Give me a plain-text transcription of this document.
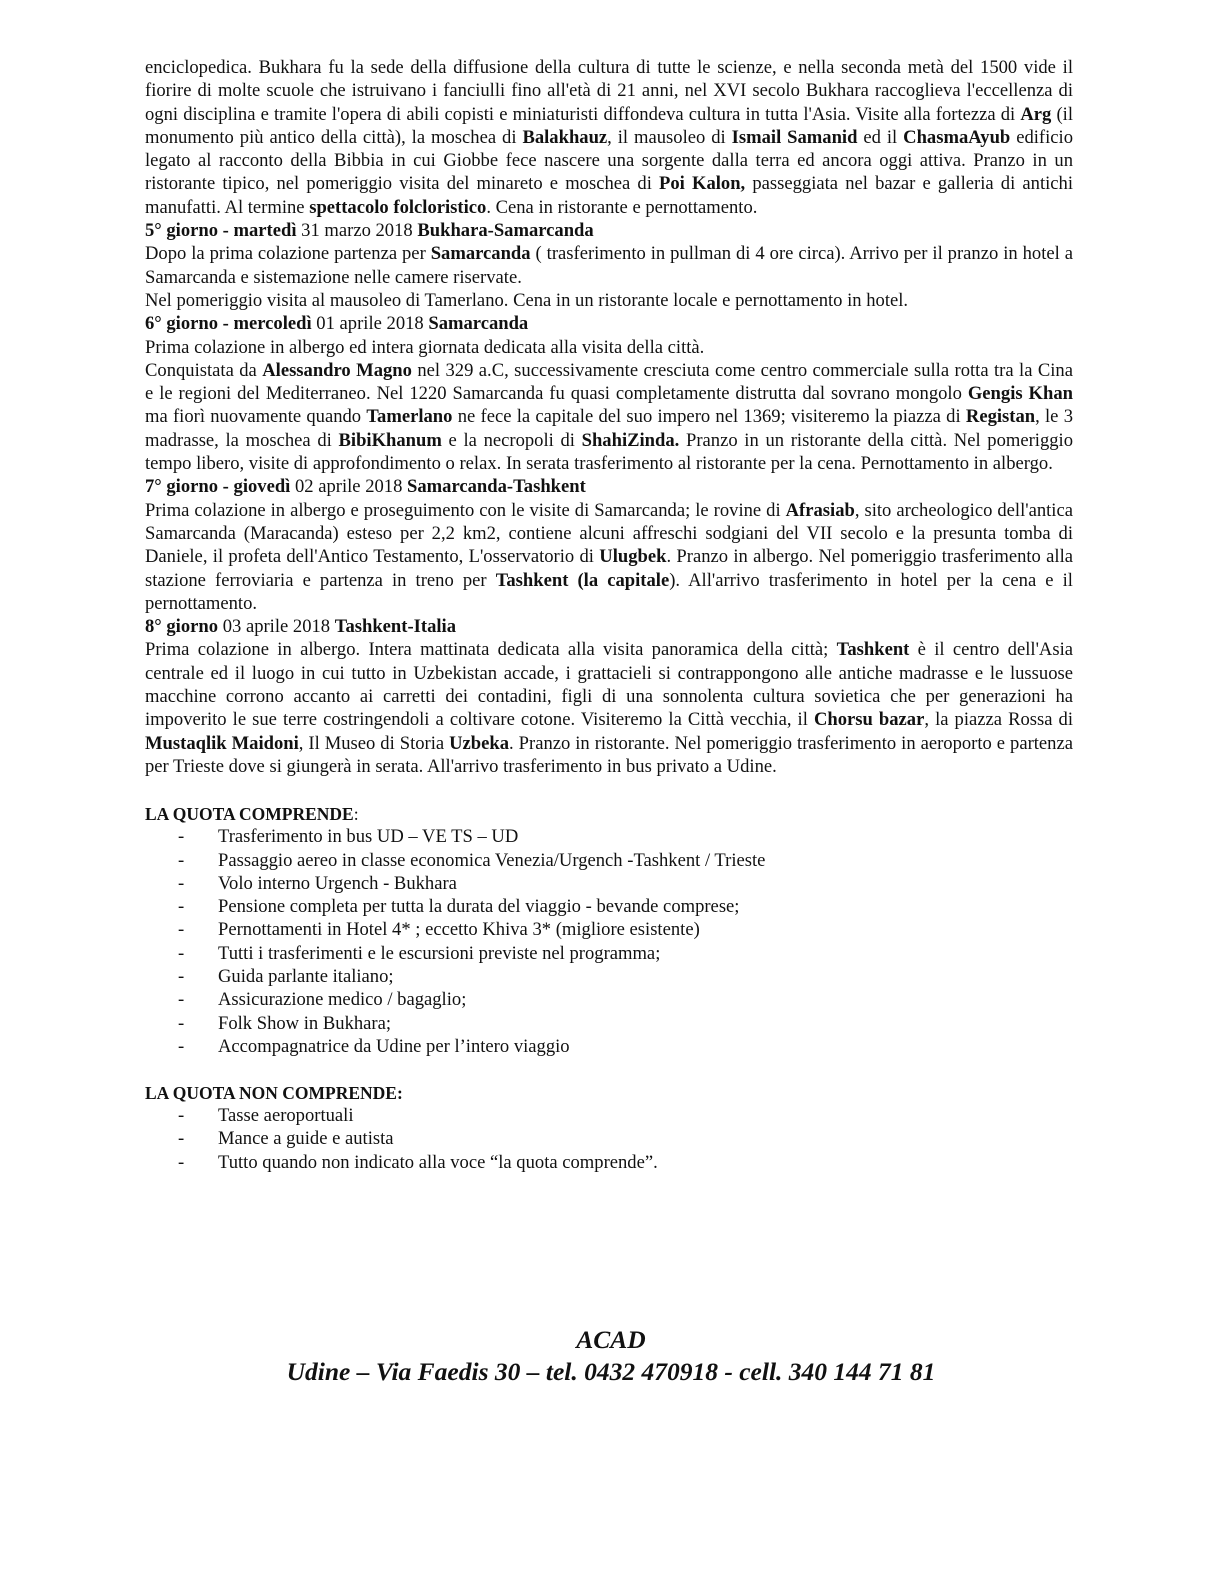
enciclopedica. Bukhara fu la sede della diffusione della cultura di tutte le scienze, e nella seconda metà del 1500 vide il fiorire di molte scuole che istruivano i fanciulli fino all'età di 21 anni, nel XVI secolo Bukhara raccoglieva l'eccellenza di ogni disciplina e tramite l'opera di abili copisti e miniaturisti diffondeva cultura in tutta l'Asia. Visite alla fortezza di Arg (il monumento più antico della città), la moschea di Balakhauz, il mausoleo di Ismail Samanid ed il ChasmaAyub edificio legato al racconto della Bibbia in cui Giobbe fece nascere una sorgente dalla terra ed ancora oggi attiva. Pranzo in un ristorante tipico, nel pomeriggio visita del minareto e moschea di Poi Kalon, passeggiata nel bazar e galleria di antichi manufatti. Al termine spettacolo folcloristico. Cena in ristorante e pernottamento.

5° giorno - martedì 31 marzo 2018 Bukhara-Samarcanda

Dopo la prima colazione partenza per Samarcanda ( trasferimento in pullman di 4 ore circa). Arrivo per il pranzo in hotel a Samarcanda e sistemazione nelle camere riservate.

Nel pomeriggio visita al mausoleo di Tamerlano. Cena in un ristorante locale e pernottamento in hotel.

6° giorno - mercoledì 01 aprile 2018 Samarcanda

Prima colazione in albergo ed intera giornata dedicata alla visita della città.

Conquistata da Alessandro Magno nel 329 a.C, successivamente cresciuta come centro commerciale sulla rotta tra la Cina e le regioni del Mediterraneo. Nel 1220 Samarcanda fu quasi completamente distrutta dal sovrano mongolo Gengis Khan ma fiorì nuovamente quando Tamerlano ne fece la capitale del suo impero nel 1369; visiteremo la piazza di Registan, le 3 madrasse, la moschea di BibiKhanum e la necropoli di ShahiZinda. Pranzo in un ristorante della città. Nel pomeriggio tempo libero, visite di approfondimento o relax. In serata trasferimento al ristorante per la cena. Pernottamento in albergo.

7° giorno - giovedì 02 aprile 2018 Samarcanda-Tashkent

Prima colazione in albergo e proseguimento con le visite di Samarcanda; le rovine di Afrasiab, sito archeologico dell'antica Samarcanda (Maracanda) esteso per 2,2 km2, contiene alcuni affreschi sodgiani del VII secolo e la presunta tomba di Daniele, il profeta dell'Antico Testamento, L'osservatorio di Ulugbek. Pranzo in albergo. Nel pomeriggio trasferimento alla stazione ferroviaria e partenza in treno per Tashkent (la capitale). All'arrivo trasferimento in hotel per la cena e il pernottamento.

8° giorno 03 aprile 2018 Tashkent-Italia

Prima colazione in albergo. Intera mattinata dedicata alla visita panoramica della città; Tashkent è il centro dell'Asia centrale ed il luogo in cui tutto in Uzbekistan accade, i grattacieli si contrappongono alle antiche madrasse e le lussuose macchine corrono accanto ai carretti dei contadini, figli di una sonnolenta cultura sovietica che per generazioni ha impoverito le sue terre costringendoli a coltivare cotone. Visiteremo la Città vecchia, il Chorsu bazar, la piazza Rossa di Mustaqlik Maidoni, Il Museo di Storia Uzbeka. Pranzo in ristorante. Nel pomeriggio trasferimento in aeroporto e partenza per Trieste dove si giungerà in serata. All'arrivo trasferimento in bus privato a Udine.

LA QUOTA COMPRENDE:

- Trasferimento in bus UD – VE TS – UD
- Passaggio aereo in classe economica Venezia/Urgench -Tashkent / Trieste
- Volo interno Urgench - Bukhara
- Pensione completa per tutta la durata del viaggio - bevande comprese;
- Pernottamenti in Hotel 4* ; eccetto Khiva 3* (migliore esistente)
- Tutti i trasferimenti e le escursioni previste nel programma;
- Guida parlante italiano;
- Assicurazione medico / bagaglio;
- Folk Show in Bukhara;
- Accompagnatrice da Udine per l’intero viaggio

LA QUOTA NON COMPRENDE:

- Tasse aeroportuali
- Mance a guide e autista
- Tutto quando non indicato alla voce “la quota comprende”.
ACAD
Udine – Via Faedis 30 – tel. 0432 470918 - cell. 340 144 71 81
